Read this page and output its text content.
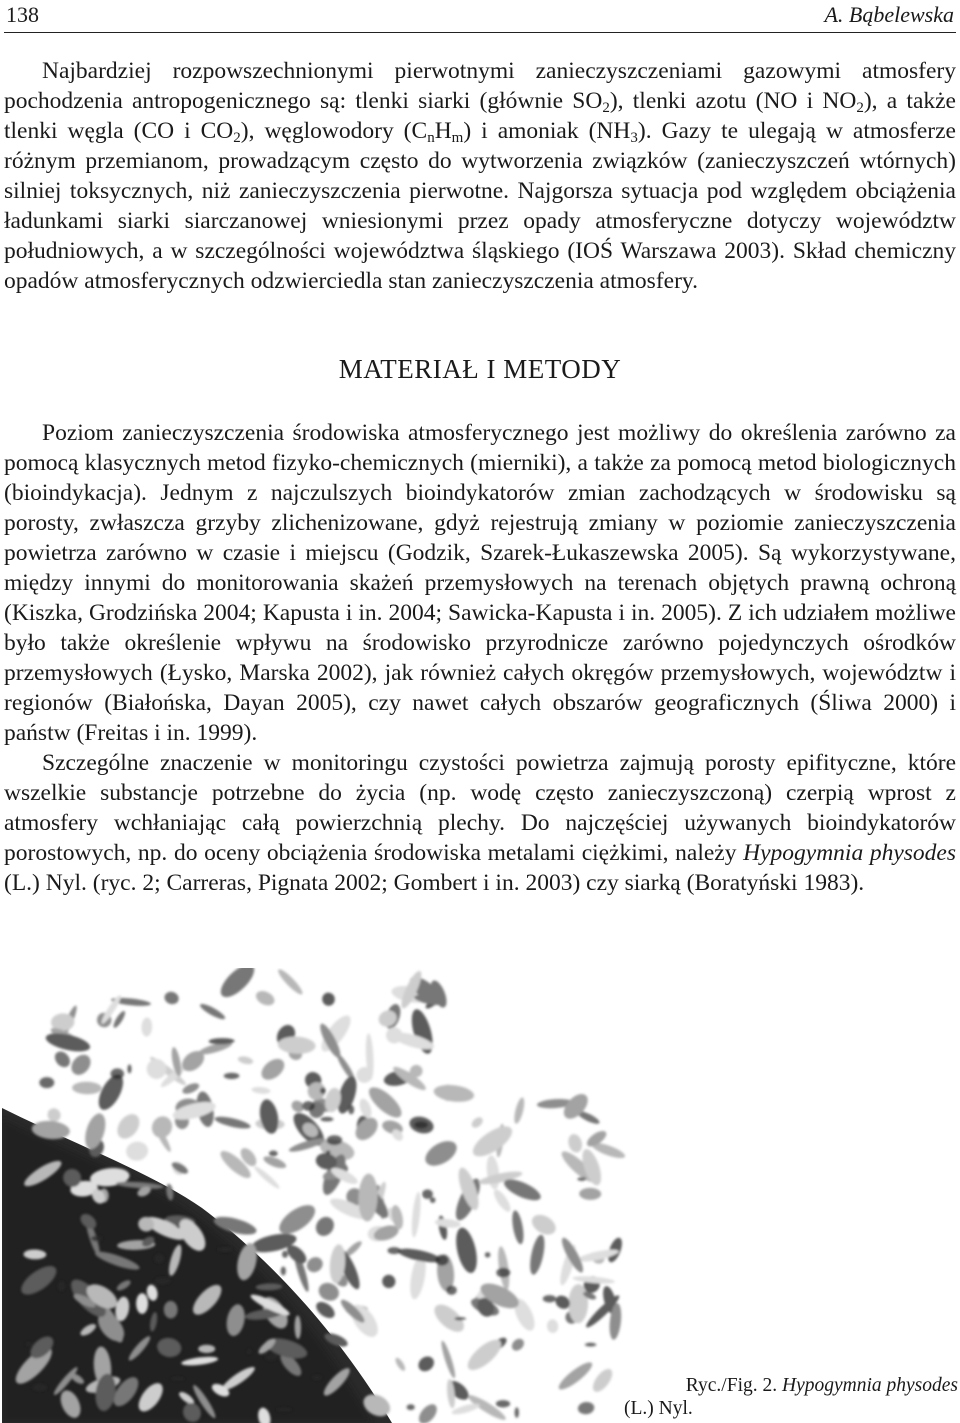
138	A. Bąbelewska

Najbardziej rozpowszechnionymi pierwotnymi zanieczyszczeniami gazowymi atmosfery pochodzenia antropogenicznego są: tlenki siarki (głównie $SO_2$), tlenki azotu (NO i $NO_2$), a także tlenki węgla (CO i $CO_2$), węglowodory $(C_nH_m)$ i amoniak $(NH_3)$. Gazy te ulegają w atmosferze różnym przemianom, prowadzącym często do wytworzenia związków (zanieczyszczeń wtórnych) silniej toksycznych, niż zanieczyszczenia pierwotne. Najgorsza sytuacja pod względem obciążenia ładunkami siarki siarczanowej wniesionymi przez opady atmosferyczne dotyczy województw południowych, a w szczególności województwa śląskiego (IOŚ Warszawa 2003). Skład chemiczny opadów atmosferycznych odzwierciedla stan zanieczyszczenia atmosfery.

MATERIAŁ I METODY

Poziom zanieczyszczenia środowiska atmosferycznego jest możliwy do określenia zarówno za pomocą klasycznych metod fizyko-chemicznych (mierniki), a także za pomocą metod biologicznych (bioindykacja). Jednym z najczulszych bioindykatorów zmian zachodzących w środowisku są porosty, zwłaszcza grzyby zlichenizowane, gdyż rejestrują zmiany w poziomie zanieczyszczenia powietrza zarówno w czasie i miejscu (Godzik, Szarek-Łukaszewska 2005). Są wykorzystywane, między innymi do monitorowania skażeń przemysłowych na terenach objętych prawną ochroną (Kiszka, Grodzińska 2004; Kapusta i in. 2004; Sawicka-Kapusta i in. 2005). Z ich udziałem możliwe było także określenie wpływu na środowisko przyrodnicze zarówno pojedynczych ośrodków przemysłowych (Łysko, Marska 2002), jak również całych okręgów przemysłowych, województw i regionów (Białońska, Dayan 2005), czy nawet całych obszarów geograficznych (Śliwa 2000) i państw (Freitas i in. 1999).

Szczególne znaczenie w monitoringu czystości powietrza zajmują porosty epifityczne, które wszelkie substancje potrzebne do życia (np. wodę często zanieczyszczoną) czerpią wprost z atmosfery wchłaniając całą powierzchnią plechy. Do najczęściej używanych bioindykatorów porostowych, np. do oceny obciążenia środowiska metalami ciężkimi, należy Hypogymnia physodes (L.) Nyl. (ryc. 2; Carreras, Pignata 2002; Gombert i in. 2003) czy siarką (Boratyński 1983).

Ryc./Fig. 2. Hypogymnia physodes
(L.) Nyl.
